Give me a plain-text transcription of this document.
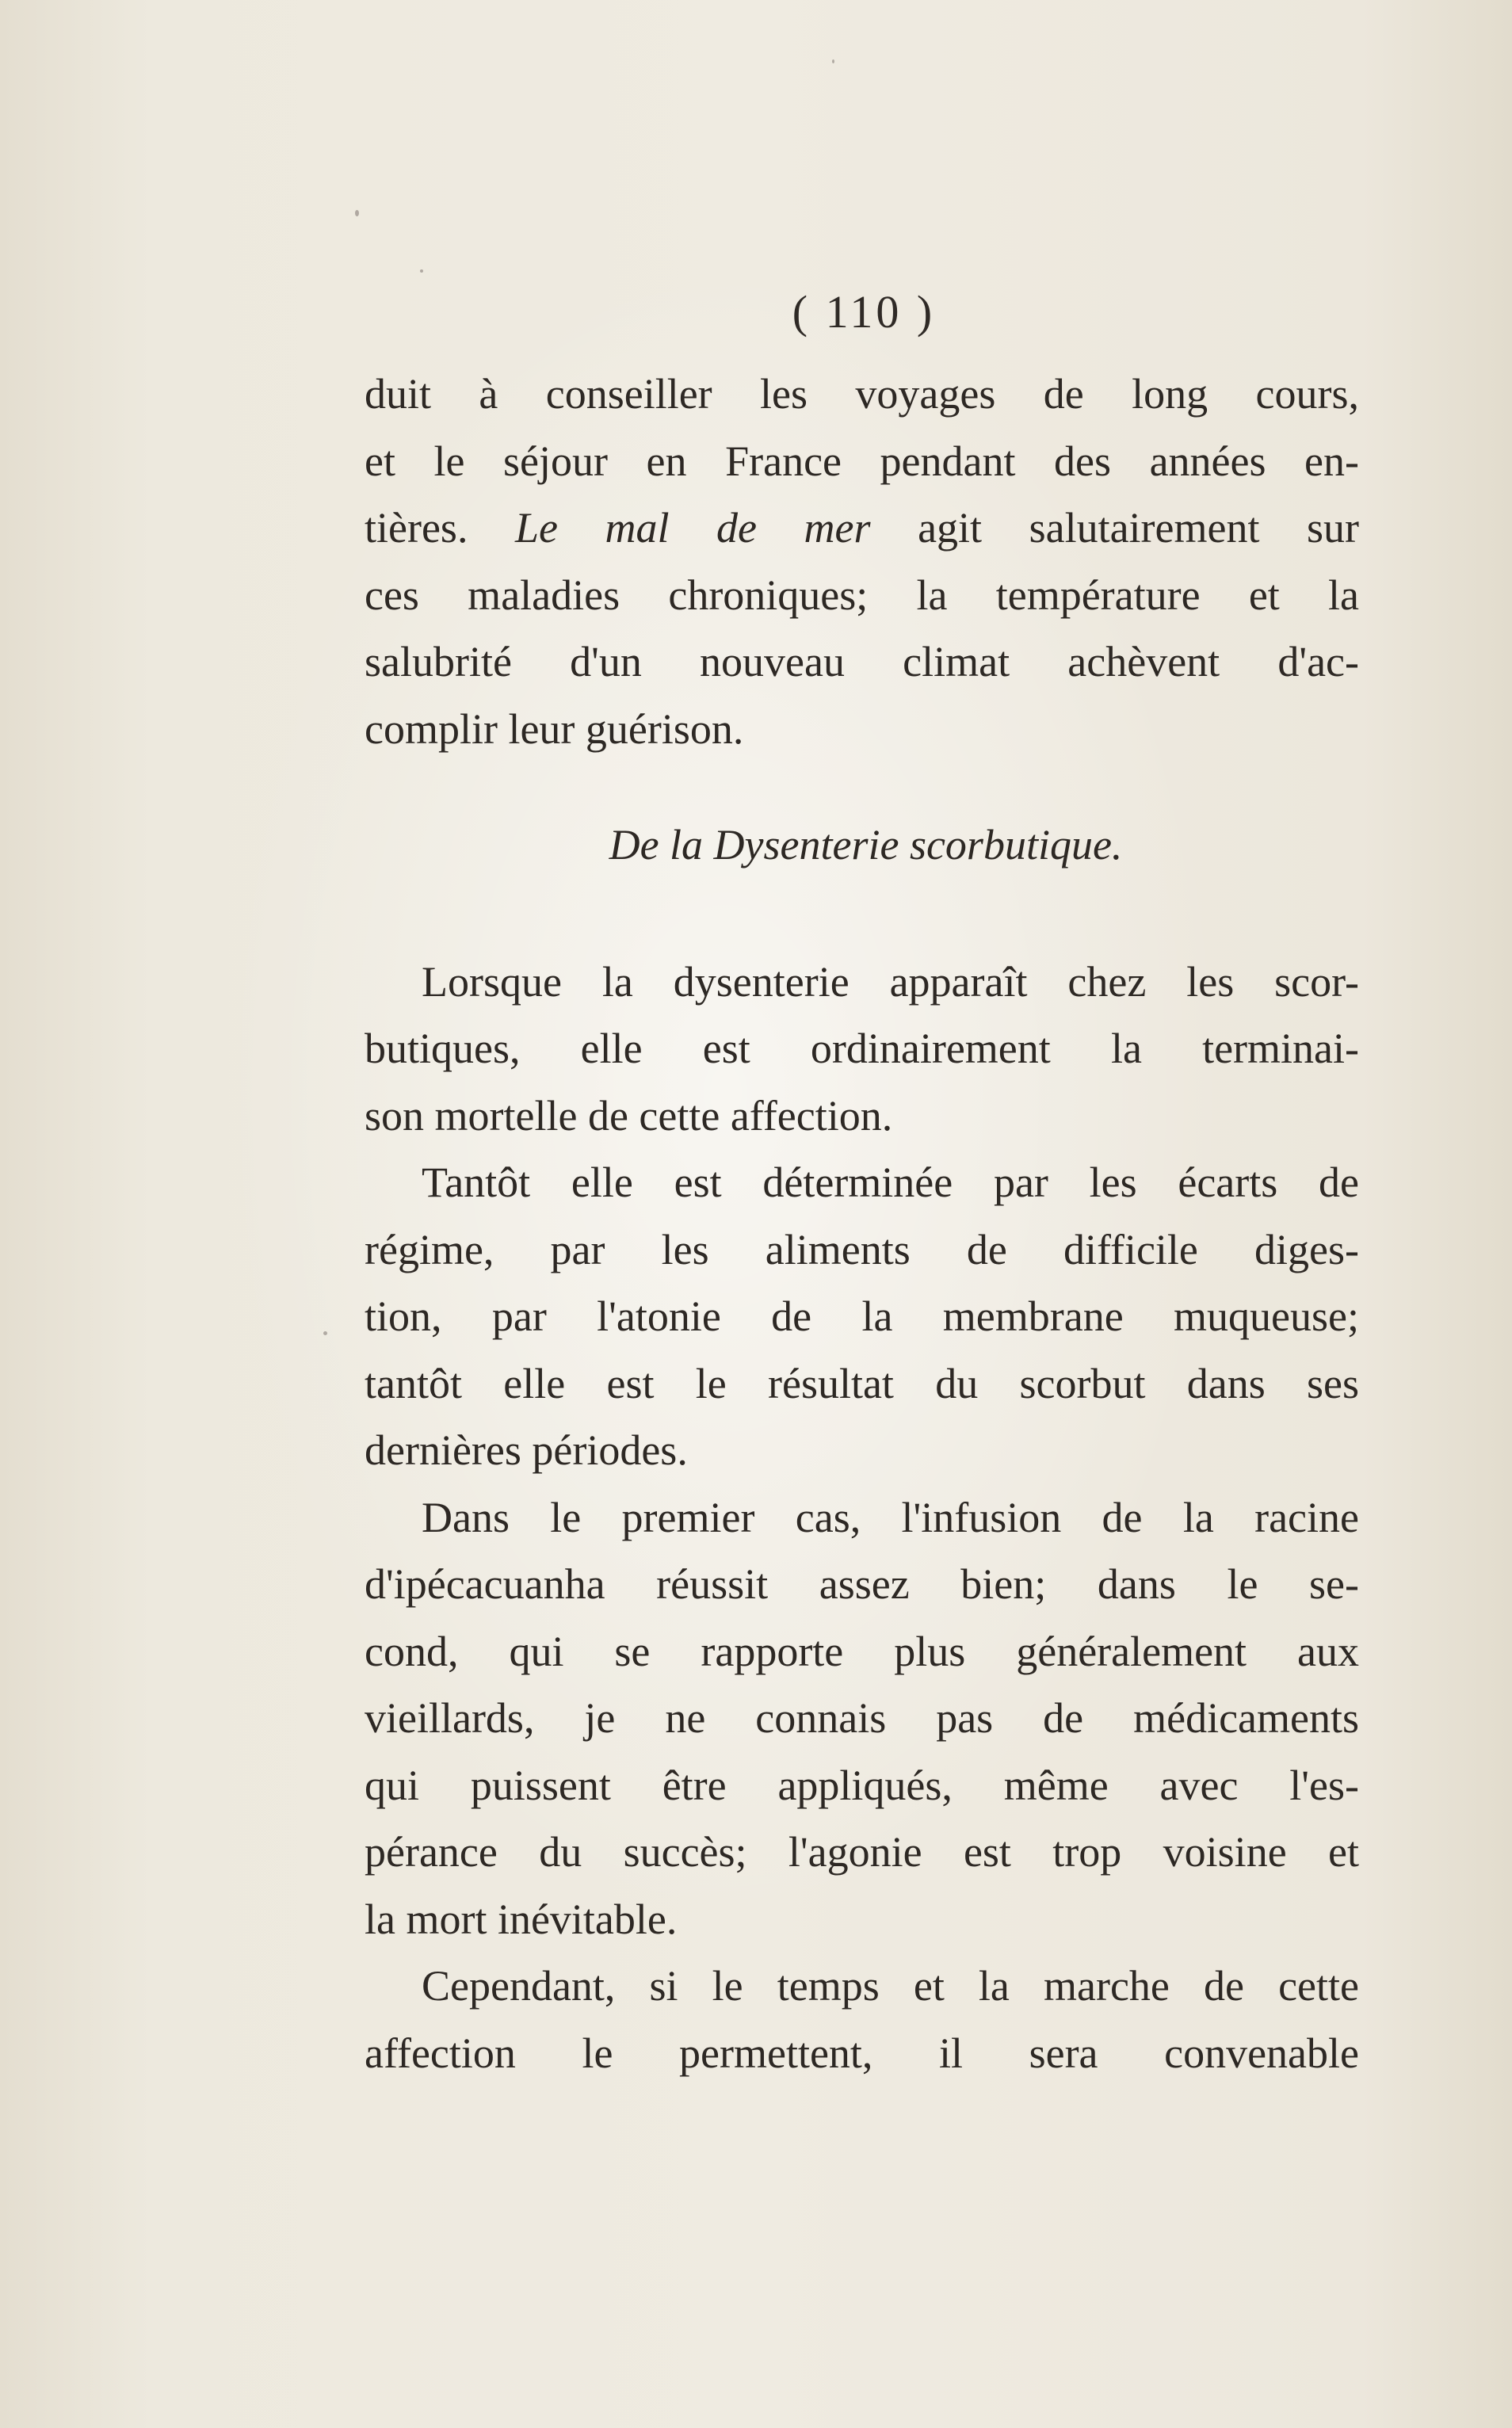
( 110 )
duit à conseiller les voyages de long cours,
et le séjour en France pendant des années en-
tières. Le mal de mer agit salutairement sur
ces maladies chroniques; la température et la
salubrité d'un nouveau climat achèvent d'ac-
complir leur guérison.
De la Dysenterie scorbutique.
Lorsque la dysenterie apparaît chez les scor-
butiques, elle est ordinairement la terminai-
son mortelle de cette affection.
Tantôt elle est déterminée par les écarts de
régime, par les aliments de difficile diges-
tion, par l'atonie de la membrane muqueuse;
tantôt elle est le résultat du scorbut dans ses
dernières périodes.
Dans le premier cas, l'infusion de la racine
d'ipécacuanha réussit assez bien; dans le se-
cond, qui se rapporte plus généralement aux
vieillards, je ne connais pas de médicaments
qui puissent être appliqués, même avec l'es-
pérance du succès; l'agonie est trop voisine et
la mort inévitable.
Cependant, si le temps et la marche de cette
affection le permettent, il sera convenable
